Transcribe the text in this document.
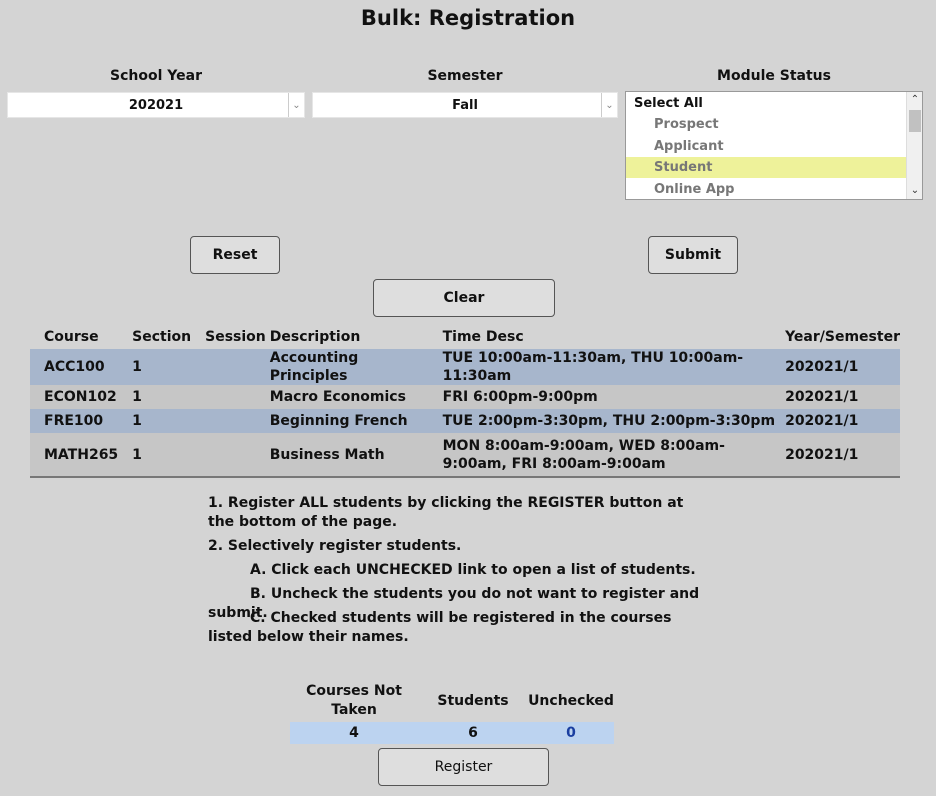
Bulk: Registration
School Year
202021	⌄
Semester
Fall	⌄
Module Status
Select All
Prospect
Applicant
Student
Online App
⌃
⌄
Reset	Submit
Clear
Course	Section	Session	Description	Time Desc	Year/Semester
ACC100	1		Accounting Principles	TUE 10:00am-11:30am, THU 10:00am-11:30am	202021/1
ECON102	1		Macro Economics	FRI 6:00pm-9:00pm	202021/1
FRE100	1		Beginning French	TUE 2:00pm-3:30pm, THU 2:00pm-3:30pm	202021/1
MATH265	1		Business Math	MON 8:00am-9:00am, WED 8:00am-9:00am, FRI 8:00am-9:00am	202021/1
1. Register ALL students by clicking the REGISTER button at the bottom of the page.
2. Selectively register students.
A. Click each UNCHECKED link to open a list of students.
B. Uncheck the students you do not want to register and submit.
C. Checked students will be registered in the courses listed below their names.
Courses Not Taken	Students	Unchecked
4	6	0
Register
